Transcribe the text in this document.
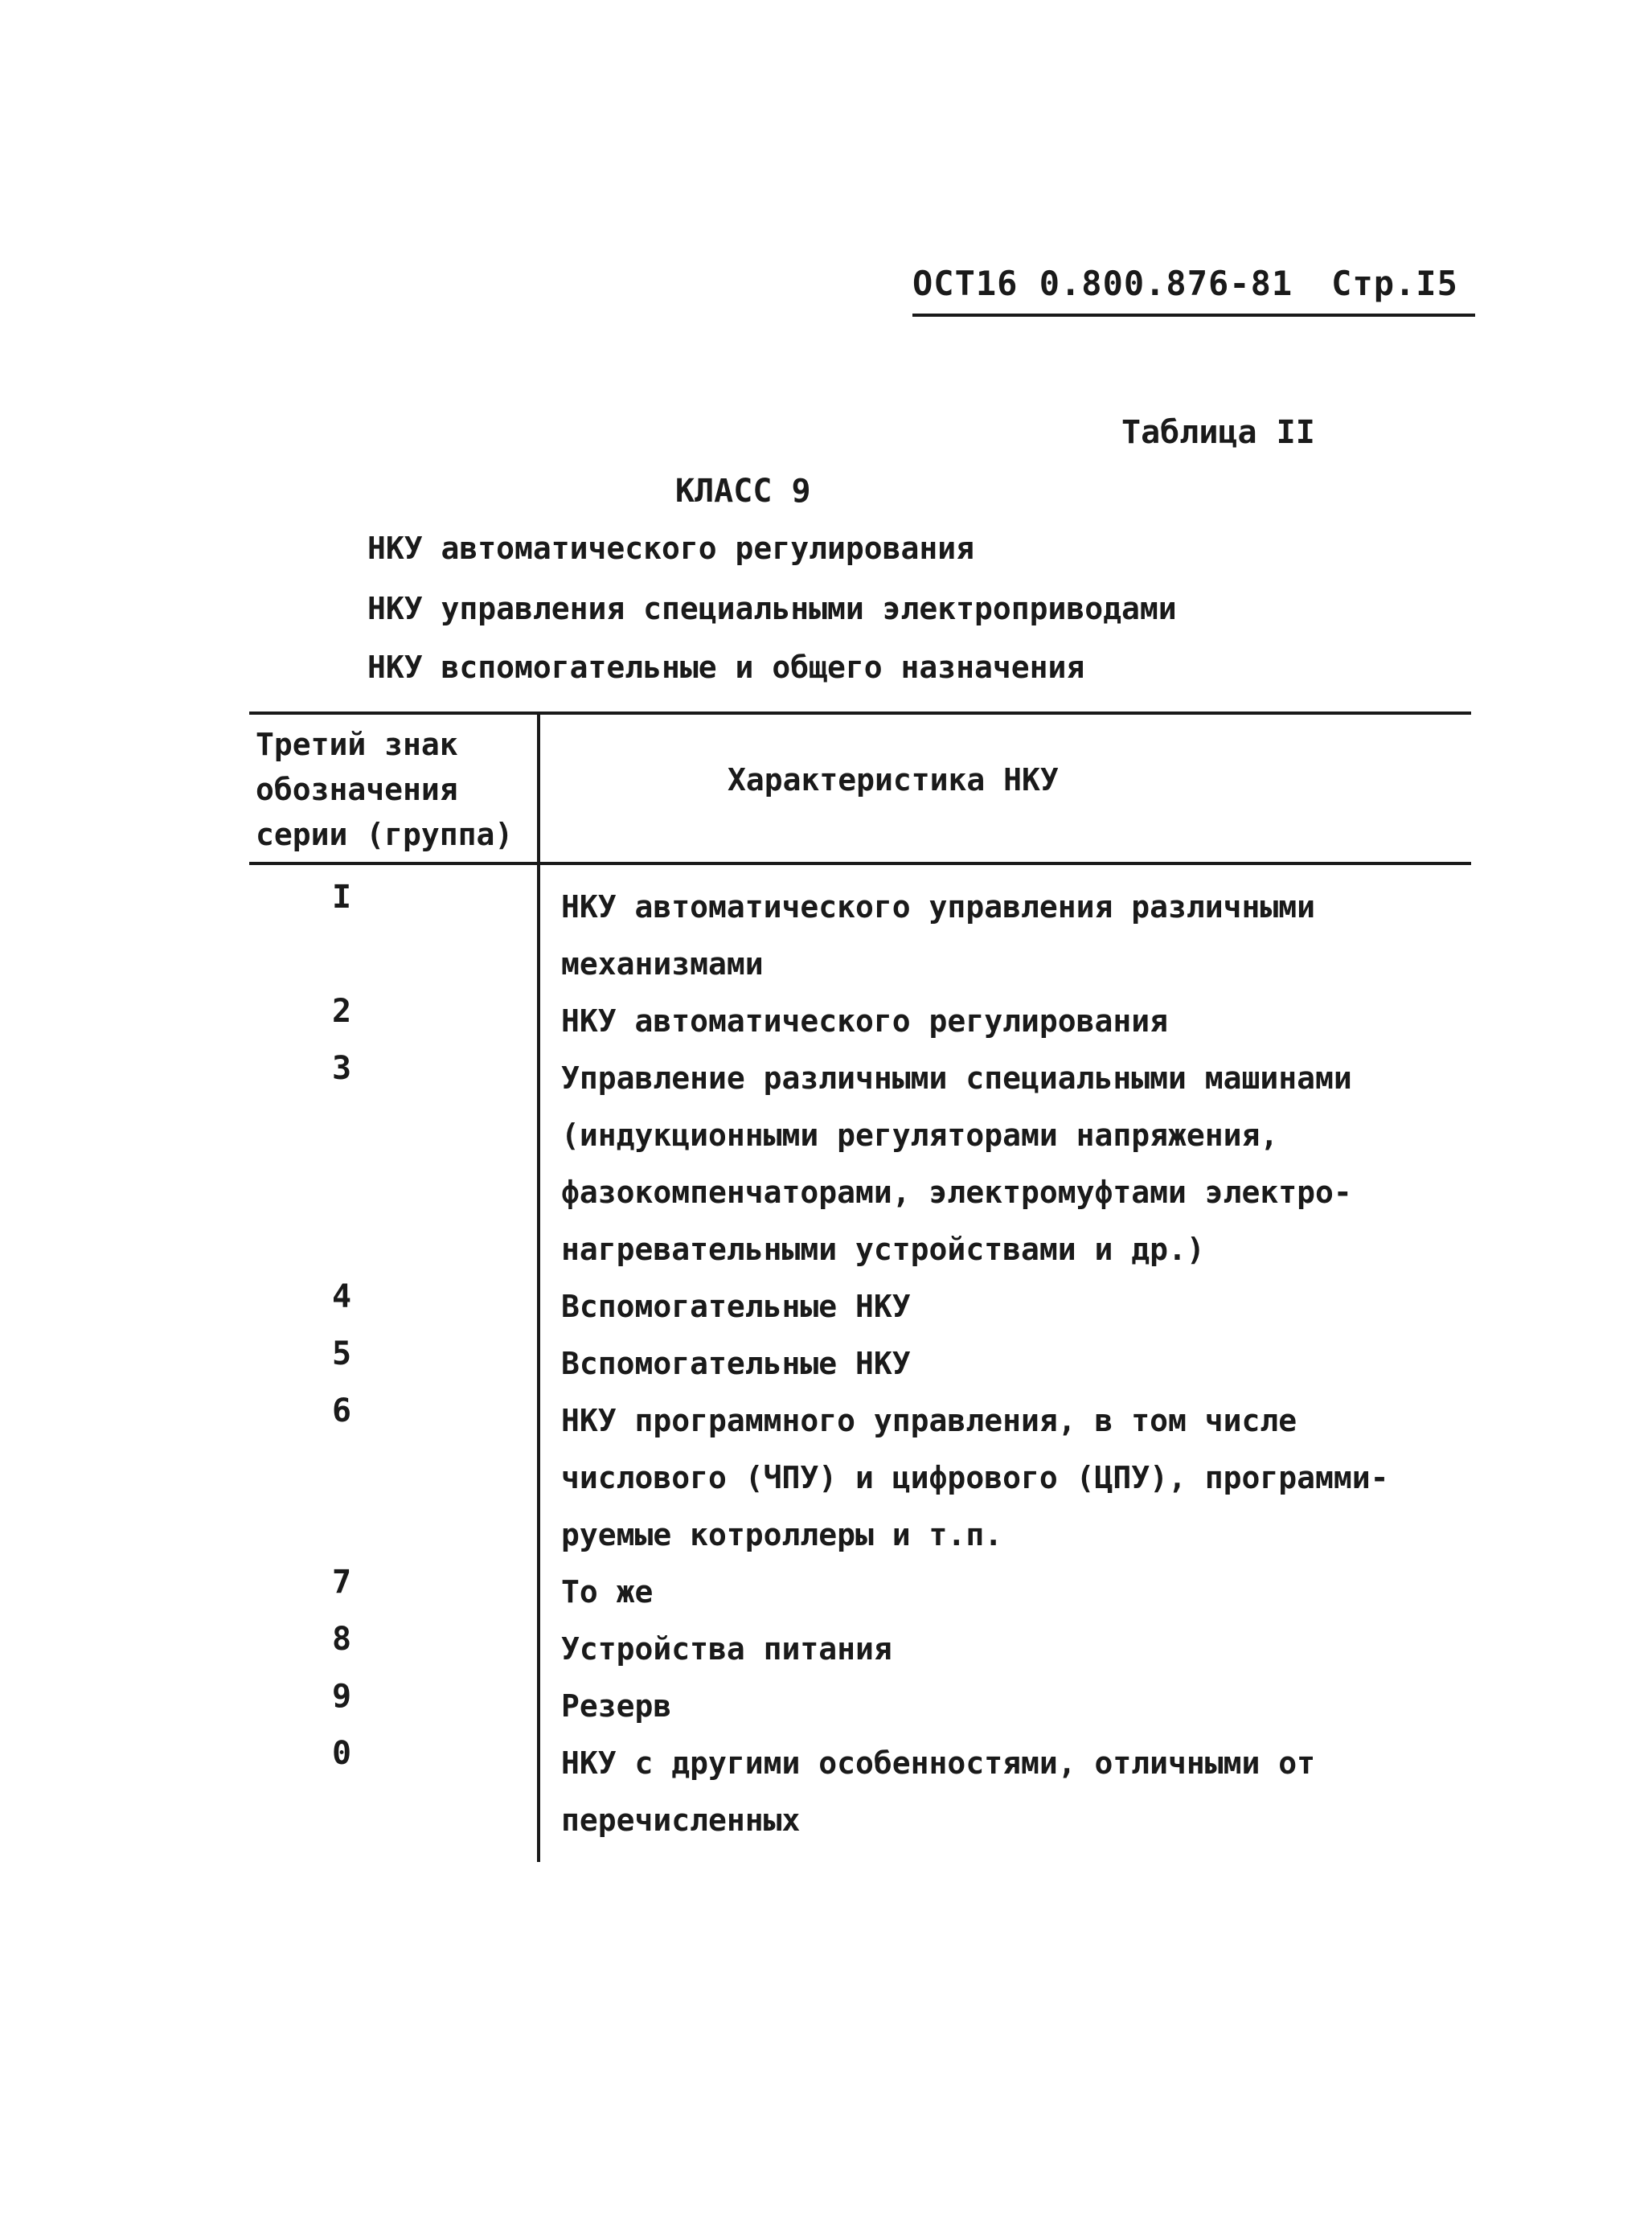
ОСТ16 0.800.876-81 Стр.I5
Таблица II
КЛАСС 9
НКУ автоматического регулирования
НКУ управления специальными электроприводами
НКУ вспомогательные и общего назначения
Третий знак
обозначения
серии (группа)
Характеристика НКУ
I	НКУ автоматического управления различными
механизмами
2	НКУ автоматического регулирования
3	Управление различными специальными машинами
(индукционными регуляторами напряжения,
фазокомпенчаторами, электромуфтами электро-
нагревательными устройствами и др.)
4	Вспомогательные НКУ
5	Вспомогательные НКУ
6	НКУ программного управления, в том числе
числового (ЧПУ) и цифрового (ЦПУ), программи-
руемые котроллеры и т.п.
7	То же
8	Устройства питания
9	Резерв
0	НКУ с другими особенностями, отличными от
перечисленных
